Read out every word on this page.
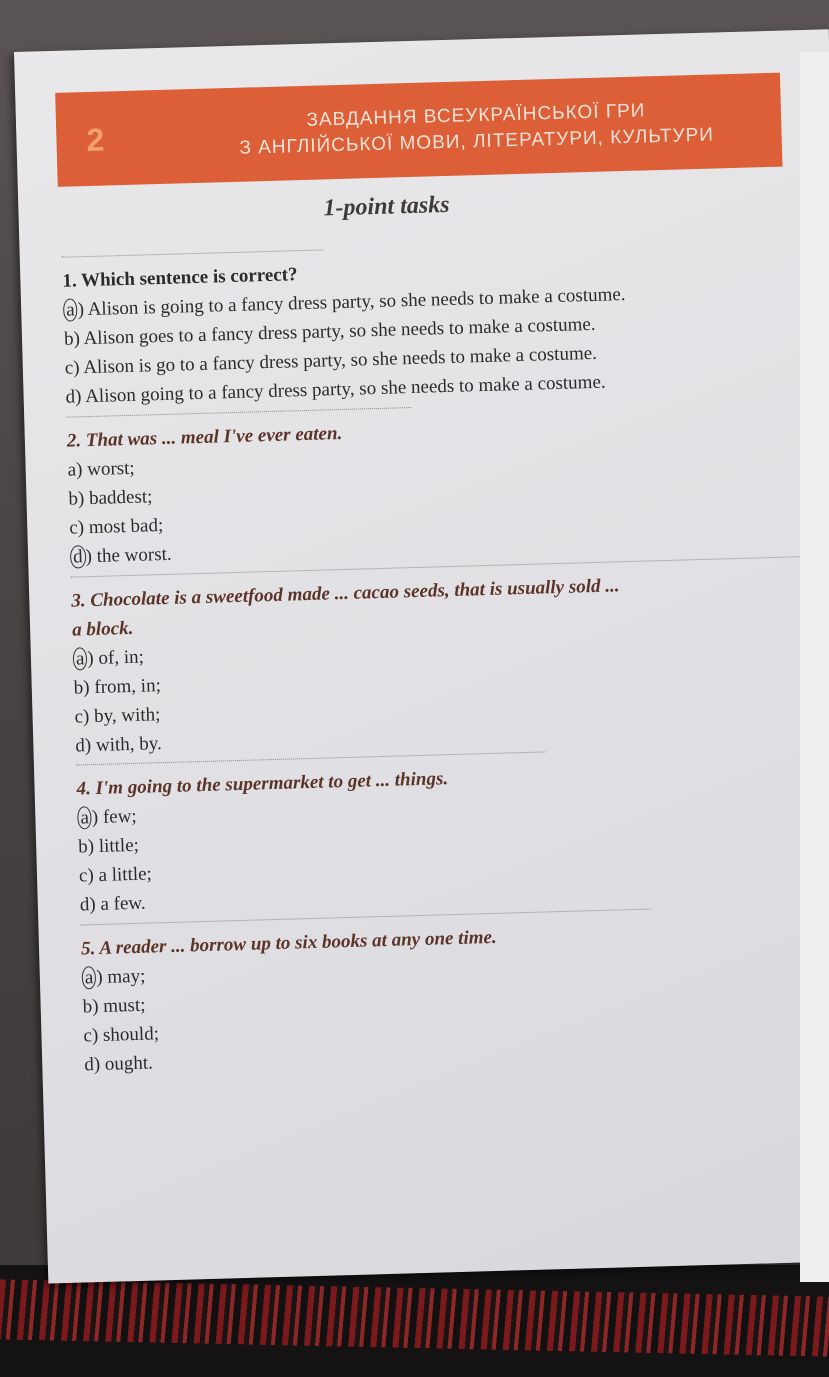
2
ЗАВДАННЯ ВСЕУКРАЇНСЬКОЇ ГРИ
З АНГЛІЙСЬКОЇ МОВИ, ЛІТЕРАТУРИ, КУЛЬТУРИ
1-point tasks
1. Which sentence is correct?
a ) Alison is going to a fancy dress party, so she needs to make a costume.
b) Alison goes to a fancy dress party, so she needs to make a costume.
c) Alison is go to a fancy dress party, so she needs to make a costume.
d) Alison going to a fancy dress party, so she needs to make a costume.
2. That was ... meal I've ever eaten.
a) worst;
b) baddest;
c) most bad;
d ) the worst.
3. Chocolate is a sweetfood made ... cacao seeds, that is usually sold ...
a block.
a ) of, in;
b) from, in;
c) by, with;
d) with, by.
4. I'm going to the supermarket to get ... things.
a ) few;
b) little;
c) a little;
d) a few.
5. A reader ... borrow up to six books at any one time.
a ) may;
b) must;
c) should;
d) ought.
